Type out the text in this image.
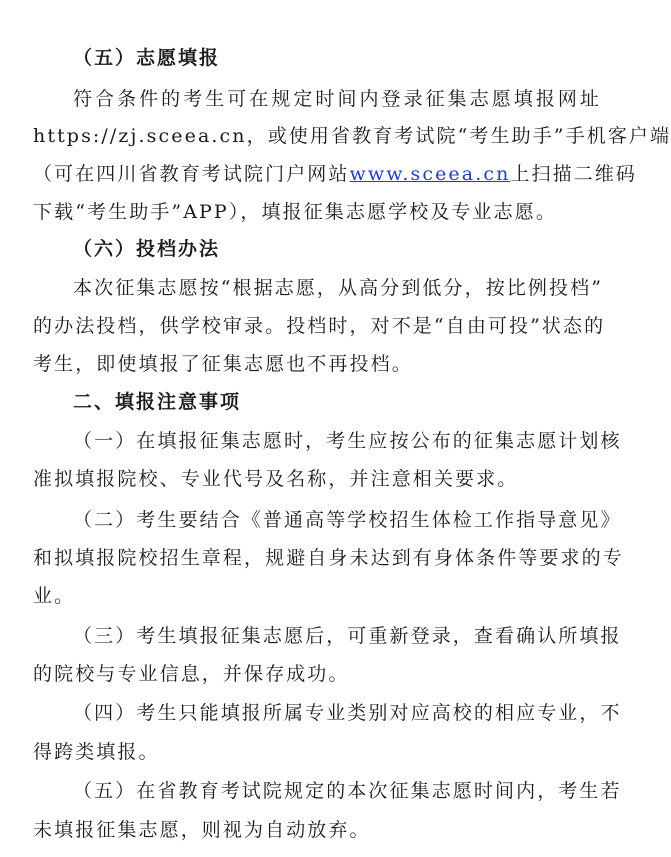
（五）志愿填报
符合条件的考生可在规定时间内登录征集志愿填报网址
https://zj.sceea.cn，或使用省教育考试院“考生助手”手机客户端
（可在四川省教育考试院门户网站www.sceea.cn上扫描二维码
下载“考生助手”APP），填报征集志愿学校及专业志愿。
（六）投档办法
本次征集志愿按“根据志愿，从高分到低分，按比例投档”
的办法投档，供学校审录。投档时，对不是“自由可投”状态的
考生，即使填报了征集志愿也不再投档。
二、填报注意事项
（一）在填报征集志愿时，考生应按公布的征集志愿计划核
准拟填报院校、专业代号及名称，并注意相关要求。
（二）考生要结合《普通高等学校招生体检工作指导意见》
和拟填报院校招生章程，规避自身未达到有身体条件等要求的专
业。
（三）考生填报征集志愿后，可重新登录，查看确认所填报
的院校与专业信息，并保存成功。
（四）考生只能填报所属专业类别对应高校的相应专业，不
得跨类填报。
（五）在省教育考试院规定的本次征集志愿时间内，考生若
未填报征集志愿，则视为自动放弃。
